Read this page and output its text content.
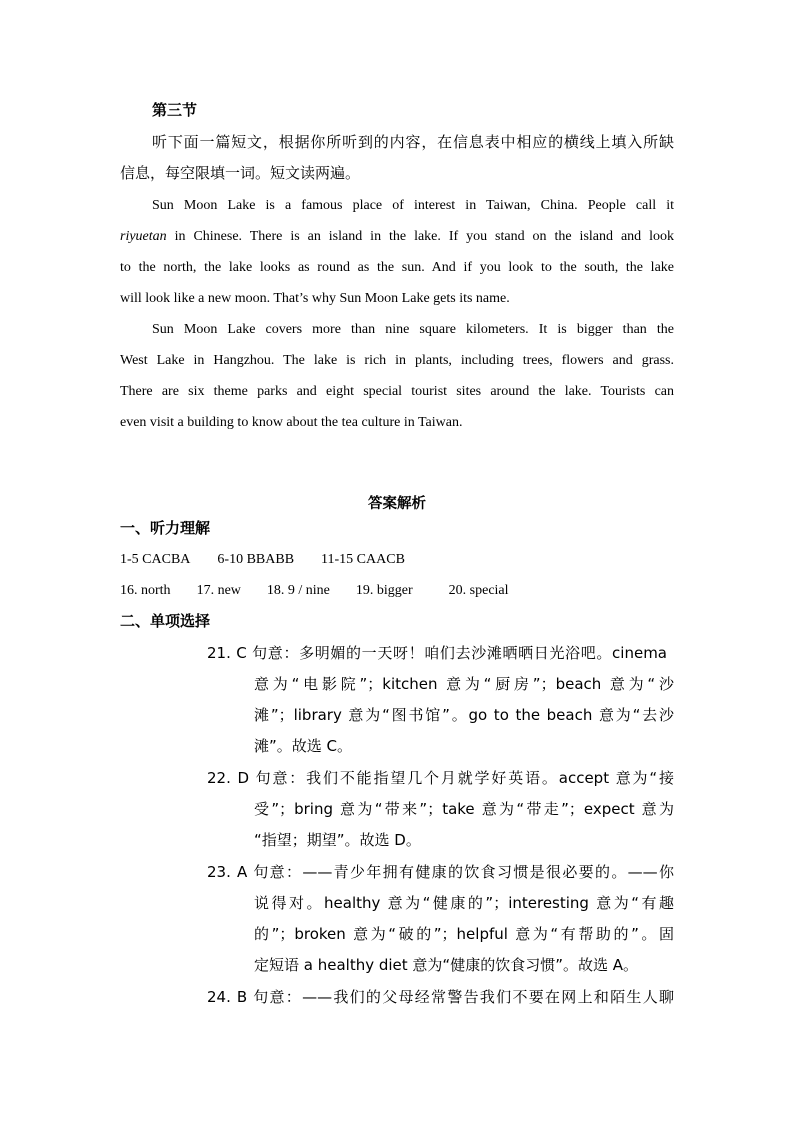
第三节
听下面一篇短文，根据你所听到的内容，在信息表中相应的横线上填入所缺
信息，每空限填一词。短文读两遍。
Sun Moon Lake is a famous place of interest in Taiwan, China. People call it
riyuetan in Chinese. There is an island in the lake. If you stand on the island and look
to the north, the lake looks as round as the sun. And if you look to the south, the lake
will look like a new moon. That’s why Sun Moon Lake gets its name.
Sun Moon Lake covers more than nine square kilometers. It is bigger than the
West Lake in Hangzhou. The lake is rich in plants, including trees, flowers and grass.
There are six theme parks and eight special tourist sites around the lake. Tourists can
even visit a building to know about the tea culture in Taiwan.
答案解析
一、听力理解
1-5 CACBA 6-10 BBABB 11-15 CAACB
16. north 17. new 18. 9 / nine 19. bigger	20. special
二、单项选择
21. C 句意：多明媚的一天呀！咱们去沙滩晒晒日光浴吧。cinema
意为“电影院”；kitchen 意为“厨房”；beach 意为“沙
滩”；library 意为“图书馆”。go to the beach 意为“去沙
滩”。故选 C。
22. D 句意：我们不能指望几个月就学好英语。accept 意为“接
受”；bring 意为“带来”；take 意为“带走”；expect 意为
“指望；期望”。故选 D。
23. A 句意：——青少年拥有健康的饮食习惯是很必要的。——你
说得对。healthy 意为“健康的”；interesting 意为“有趣
的”；broken 意为“破的”；helpful 意为“有帮助的”。固
定短语 a healthy diet 意为“健康的饮食习惯”。故选 A。
24. B 句意：——我们的父母经常警告我们不要在网上和陌生人聊
